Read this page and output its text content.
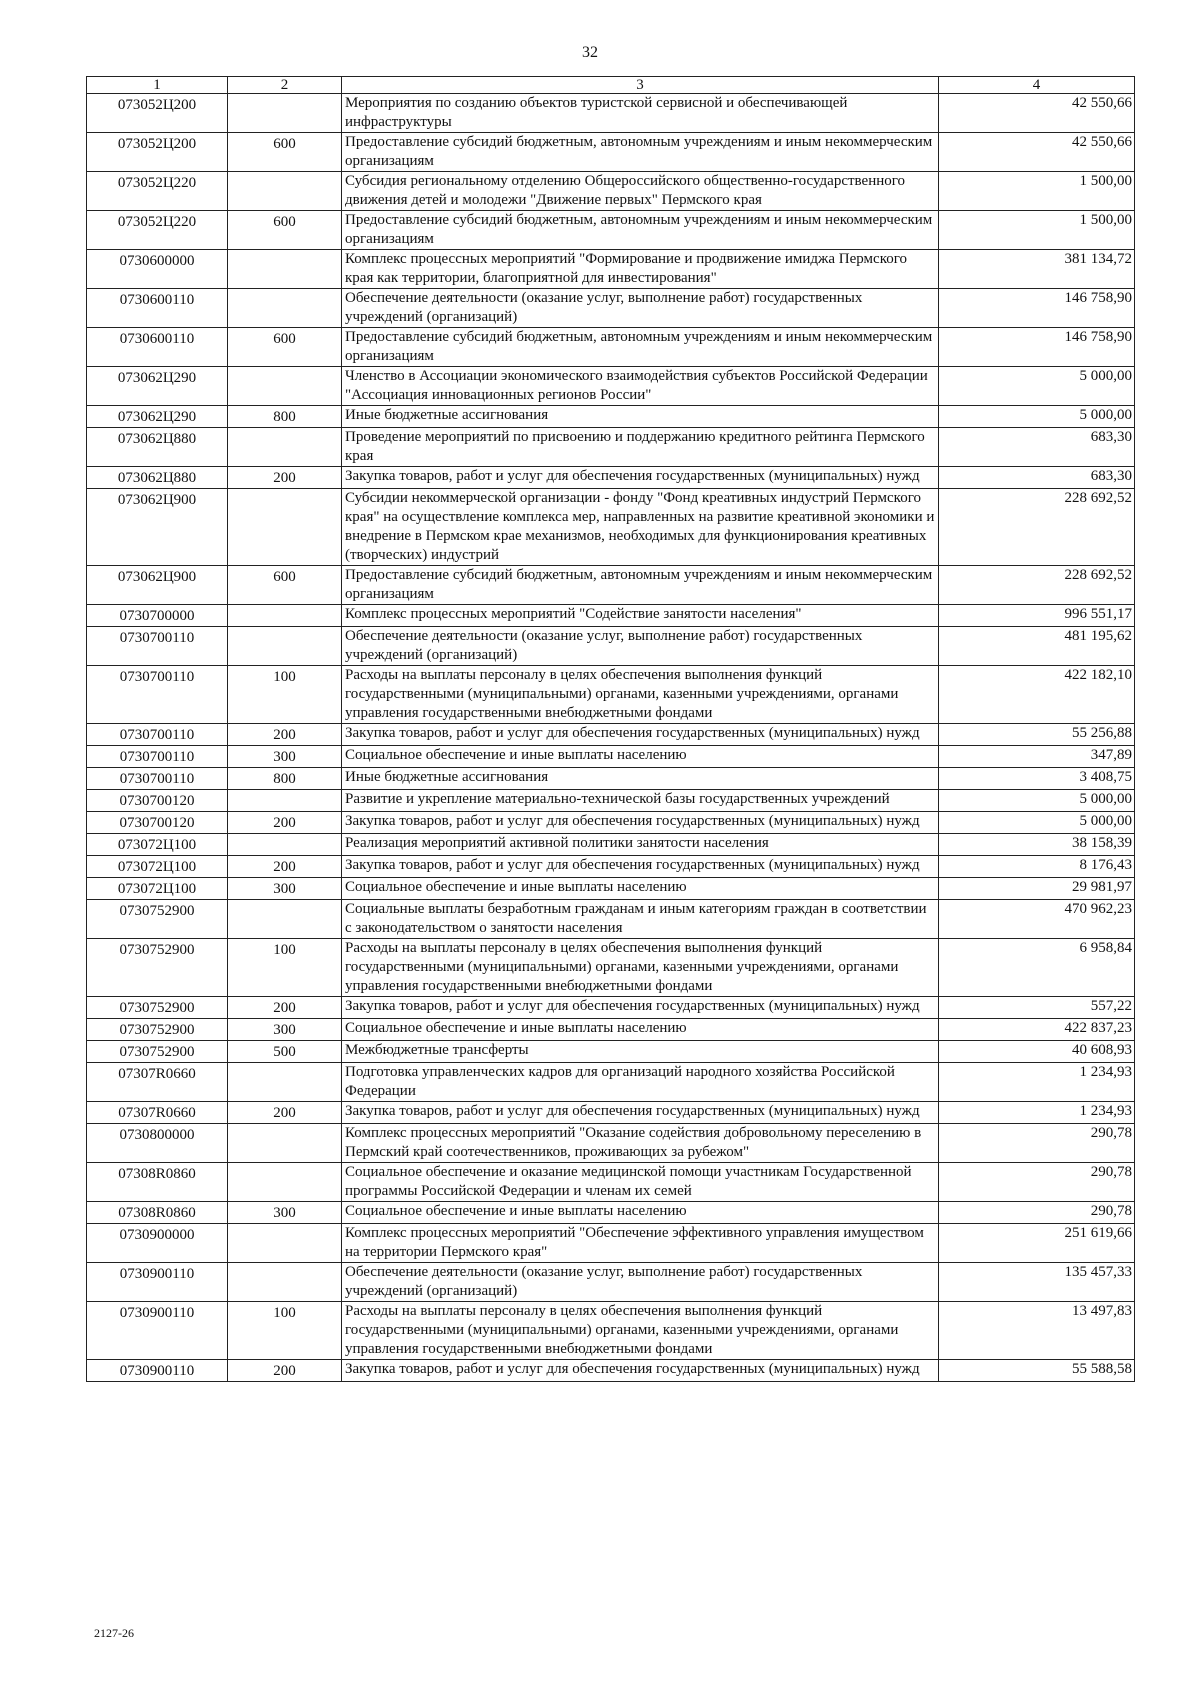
32
1	2	3	4
073052Ц200		Мероприятия по созданию объектов туристской сервисной и обеспечивающей инфраструктуры	42 550,66
073052Ц200	600	Предоставление субсидий бюджетным, автономным учреждениям и иным некоммерческим организациям	42 550,66
073052Ц220		Субсидия региональному отделению Общероссийского общественно-государственного движения детей и молодежи "Движение первых" Пермского края	1 500,00
073052Ц220	600	Предоставление субсидий бюджетным, автономным учреждениям и иным некоммерческим организациям	1 500,00
0730600000		Комплекс процессных мероприятий "Формирование и продвижение имиджа Пермского края как территории, благоприятной для инвестирования"	381 134,72
0730600110		Обеспечение деятельности (оказание услуг, выполнение работ) государственных учреждений (организаций)	146 758,90
0730600110	600	Предоставление субсидий бюджетным, автономным учреждениям и иным некоммерческим организациям	146 758,90
073062Ц290		Членство в Ассоциации экономического взаимодействия субъектов Российской Федерации "Ассоциация инновационных регионов России"	5 000,00
073062Ц290	800	Иные бюджетные ассигнования	5 000,00
073062Ц880		Проведение мероприятий по присвоению и поддержанию кредитного рейтинга Пермского края	683,30
073062Ц880	200	Закупка товаров, работ и услуг для обеспечения государственных (муниципальных) нужд	683,30
073062Ц900		Субсидии некоммерческой организации - фонду "Фонд креативных индустрий Пермского края" на осуществление комплекса мер, направленных на развитие креативной экономики и внедрение в Пермском крае механизмов, необходимых для функционирования креативных (творческих) индустрий	228 692,52
073062Ц900	600	Предоставление субсидий бюджетным, автономным учреждениям и иным некоммерческим организациям	228 692,52
0730700000		Комплекс процессных мероприятий "Содействие занятости населения"	996 551,17
0730700110		Обеспечение деятельности (оказание услуг, выполнение работ) государственных учреждений (организаций)	481 195,62
0730700110	100	Расходы на выплаты персоналу в целях обеспечения выполнения функций государственными (муниципальными) органами, казенными учреждениями, органами управления государственными внебюджетными фондами	422 182,10
0730700110	200	Закупка товаров, работ и услуг для обеспечения государственных (муниципальных) нужд	55 256,88
0730700110	300	Социальное обеспечение и иные выплаты населению	347,89
0730700110	800	Иные бюджетные ассигнования	3 408,75
0730700120		Развитие и укрепление материально-технической базы государственных учреждений	5 000,00
0730700120	200	Закупка товаров, работ и услуг для обеспечения государственных (муниципальных) нужд	5 000,00
073072Ц100		Реализация мероприятий активной политики занятости населения	38 158,39
073072Ц100	200	Закупка товаров, работ и услуг для обеспечения государственных (муниципальных) нужд	8 176,43
073072Ц100	300	Социальное обеспечение и иные выплаты населению	29 981,97
0730752900		Социальные выплаты безработным гражданам и иным категориям граждан в соответствии с законодательством о занятости населения	470 962,23
0730752900	100	Расходы на выплаты персоналу в целях обеспечения выполнения функций государственными (муниципальными) органами, казенными учреждениями, органами управления государственными внебюджетными фондами	6 958,84
0730752900	200	Закупка товаров, работ и услуг для обеспечения государственных (муниципальных) нужд	557,22
0730752900	300	Социальное обеспечение и иные выплаты населению	422 837,23
0730752900	500	Межбюджетные трансферты	40 608,93
07307R0660		Подготовка управленческих кадров для организаций народного хозяйства Российской Федерации	1 234,93
07307R0660	200	Закупка товаров, работ и услуг для обеспечения государственных (муниципальных) нужд	1 234,93
0730800000		Комплекс процессных мероприятий "Оказание содействия добровольному переселению в Пермский край соотечественников, проживающих за рубежом"	290,78
07308R0860		Социальное обеспечение и оказание медицинской помощи участникам Государственной программы Российской Федерации и членам их семей	290,78
07308R0860	300	Социальное обеспечение и иные выплаты населению	290,78
0730900000		Комплекс процессных мероприятий "Обеспечение эффективного управления имуществом на территории Пермского края"	251 619,66
0730900110		Обеспечение деятельности (оказание услуг, выполнение работ) государственных учреждений (организаций)	135 457,33
0730900110	100	Расходы на выплаты персоналу в целях обеспечения выполнения функций государственными (муниципальными) органами, казенными учреждениями, органами управления государственными внебюджетными фондами	13 497,83
0730900110	200	Закупка товаров, работ и услуг для обеспечения государственных (муниципальных) нужд	55 588,58
2127-26
